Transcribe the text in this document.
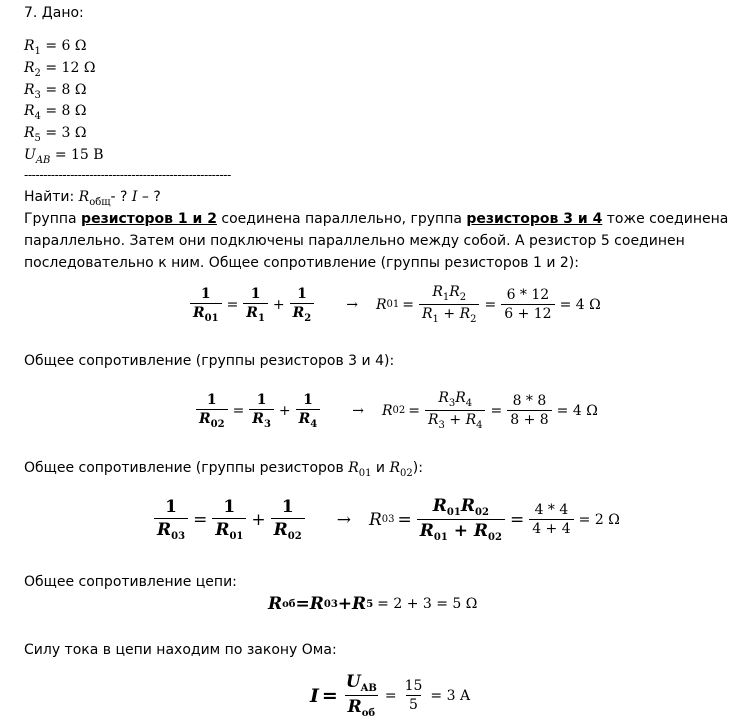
7. Дано:
$R_1 = 6$ Ω
$R_2 = 12$ Ω
$R_3 = 8$ Ω
$R_4 = 8$ Ω
$R_5 = 3$ Ω
$U_{AB} = 15$ В
------------------------------------------------------
Найти: $R_{общ}-$ ? I – ?
Группа резисторов 1 и 2 соединена параллельно, группа резисторов 3 и 4 тоже соединена
параллельно. Затем они подключены параллельно между собой. А резистор 5 соединен
последовательно к ним. Общее сопротивление (группы резисторов 1 и 2):
$\frac{1}{R_{01}} = \frac{1}{R_1} + \frac{1}{R_2} \to R$ $01 = \frac{R_1R_2}{R_1 + R_2} = \frac{6 * 12}{6 + 12} = 4$ Ω
Общее сопротивление (группы резисторов 3 и 4):
$\frac{1}{R_{02}} = \frac{1}{R_3} + \frac{1}{R_4} \to R$ $02 = \frac{R_3R_4}{R_3 + R_4} = \frac{8 * 8}{8 + 8} = 4$ Ω
Общее сопротивление (группы резисторов $R_{01}$ и $R_{02}$):
$\frac{1}{R_{03}} = \frac{1}{R_{01}} + \frac{1}{R_{02}} \to R$ $03 = \frac{R_{01}R_{02}}{R_{01} + R_{02}} = \frac{4 * 4}{4 + 4} = 2$ Ω
Общее сопротивление цепи:
R об = R 03 + R 5 = 2 + 3 = 5 Ω
Силу тока в цепи находим по закону Ома:
$I = \frac{U_{AB}}{R_{об}} = \frac{15}{5} = 3$ A
